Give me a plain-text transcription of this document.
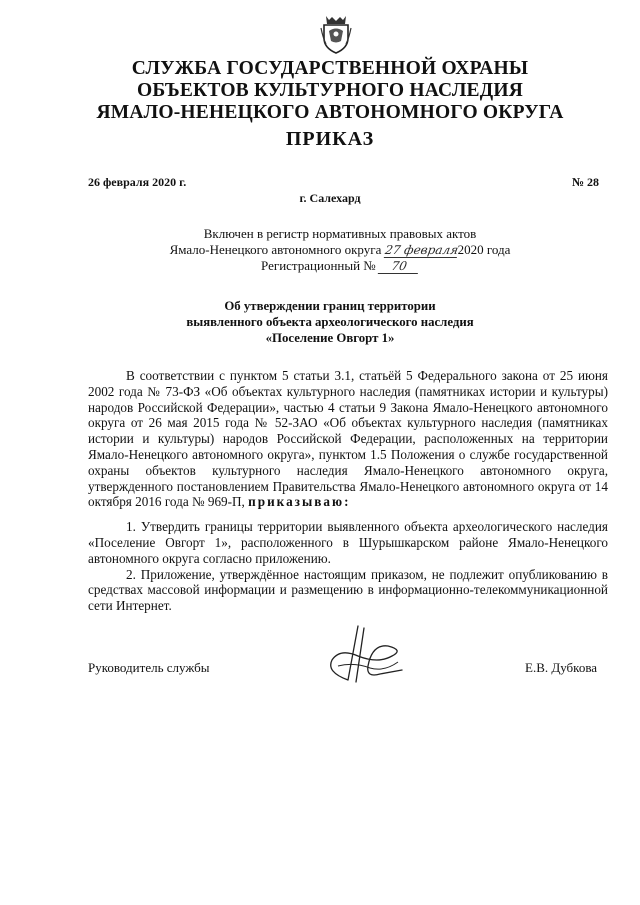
СЛУЖБА ГОСУДАРСТВЕННОЙ ОХРАНЫ
ОБЪЕКТОВ КУЛЬТУРНОГО НАСЛЕДИЯ
ЯМАЛО-НЕНЕЦКОГО АВТОНОМНОГО ОКРУГА
ПРИКАЗ
26 февраля 2020 г.	№ 28
г. Салехард
Включен в регистр нормативных правовых актов
Ямало-Ненецкого автономного округа 27 февраля2020 года
Регистрационный № 70
Об утверждении границ территории
выявленного объекта археологического наследия
«Поселение Овгорт 1»

В соответствии с пунктом 5 статьи 3.1, статьёй 5 Федерального закона от 25 июня 2002 года № 73-ФЗ «Об объектах культурного наследия (памятниках истории и культуры) народов Российской Федерации», частью 4 статьи 9 Закона Ямало-Ненецкого автономного округа от 26 мая 2015 года № 52-ЗАО «Об объектах культурного наследия (памятниках истории и культуры) народов Российской Федерации, расположенных на территории Ямало-Ненецкого автономного округа», пунктом 1.5 Положения о службе государственной охраны объектов культурного наследия Ямало-Ненецкого автономного округа, утвержденного постановлением Правительства Ямало-Ненецкого автономного округа от 14 октября 2016 года № 969-П, приказываю:

1. Утвердить границы территории выявленного объекта археологического наследия «Поселение Овгорт 1», расположенного в Шурышкарском районе Ямало-Ненецкого автономного округа согласно приложению.

2. Приложение, утверждённое настоящим приказом, не подлежит опубликованию в средствах массовой информации и размещению в информационно-телекоммуникационной сети Интернет.

Руководитель службы	Е.В. Дубкова
